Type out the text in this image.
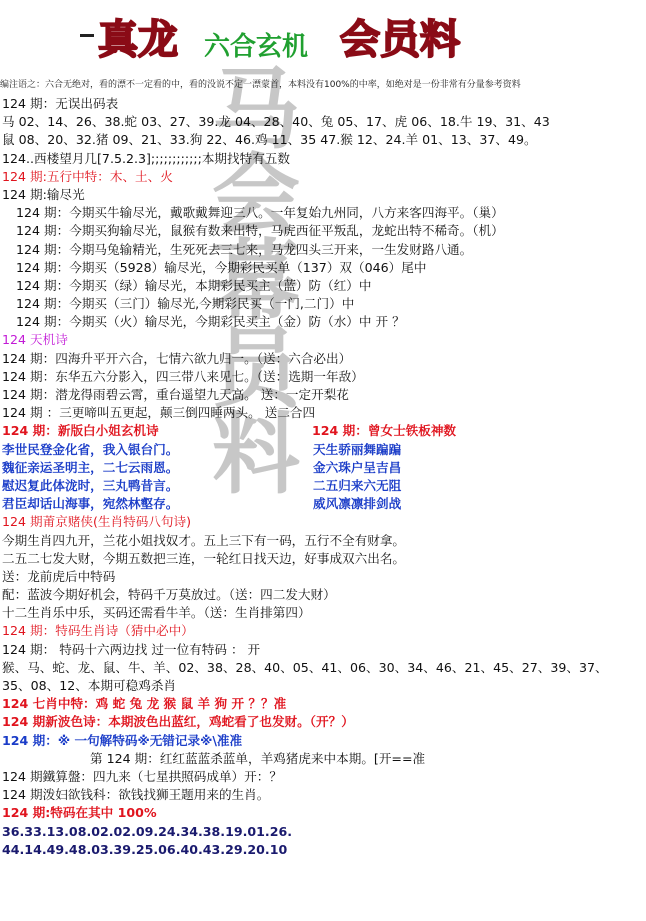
马
会
幕
员
料
真龙 六合玄机 会员料
编注语之：六合无绝对，看的漂不一定看的中，看的没说不定一漂蒙首，本料没有100%的中率，如绝对是一份非常有分量参考资料
124 期：无误出码表
马 02、14、26、38.蛇 03、27、39.龙 04、28、40、兔 05、17、虎 06、18.牛 19、31、43
鼠 08、20、32.猪 09、21、33.狗 22、46.鸡 11、35 47.猴 12、24.羊 01、13、37、49。
124..西楼望月几[7.5.2.3];;;;;;;;;;;;本期找特有五数
124 期:五行中特：木、土、火
124 期:输尽光
124 期：今期买牛输尽光，戴歌戴舞迎三八。一年复始九州同，八方来客四海平。（巢）
124 期：今期买狗输尽光，鼠猴有数来出特，马虎西征平叛乱，龙蛇出特不稀奇。（机）
124 期：今期马兔输精光，生死死去三七来，马龙四头三开来，一生发财路八通。
124 期：今期买（5928）输尽光，今期彩民买单（137）双（046）尾中
124 期：今期买（绿）输尽光，本期彩民买主（蓝）防（红）中
124 期：今期买（三门）输尽光,今期彩民买（一门,二门）中
124 期：今期买（火）输尽光，今期彩民买主（金）防（水）中 开 ？
124 天机诗
124 期：四海升平开六合，七情六欲九归一。（送：六合必出）
124 期：东华五六分影入，四三带八来见七。（送：选期一年敌）
124 期：潜龙得雨碧云霄，重台遥望九天高。 送：一定开梨花
124 期 ：三更啼叫五更起，颠三倒四睡两头。 送二合四
124 期：新版白小姐玄机诗	124 期：曾女士铁板神数
李世民登金化省，我入银台门。	天生骄丽舞蹁蹁
魏征亲运圣明主，二七云雨恩。	金六珠户呈吉昌
慰迟复此体泷时，三丸鸭昔言。	二五归来六无阻
君臣却话山海事，宛然林壑存。	威风凛凛排剑战
124 期莆京赌侠(生肖特码八句诗)
今期生肖四九开，兰花小姐找奴才。五上三下有一码，五行不全有财拿。
二五二七发大财，今期五数把三连，一轮红日找天边，好事成双六出名。
送：龙前虎后中特码
配：蓝波今期好机会，特码千万莫放过。（送：四二发大财）
十二生肖乐中乐，买码还需看牛羊。（送：生肖排第四）
124 期：特码生肖诗（猜中必中）
124 期： 特码十六两边找 过一位有特码 ： 开
猴、马、蛇、龙、鼠、牛、羊、02、38、28、40、05、41、06、30、34、46、21、45、27、39、37、
35、08、12、本期可稳鸡杀肖
124 七肖中特：鸡 蛇 兔 龙 猴 鼠 羊 狗 开 ？？准
124 期新波色诗：本期波色出蓝红，鸡蛇看了也发财。（开？）
124 期：※ 一句解特码※无错记录※\准准
第 124 期：红红蓝蓝杀蓝单，羊鸡猪虎来中本期。[开==准
124 期鐵算盤：四九来（七星拱照码成单）开：？
124 期泼妇欲钱科：欲钱找狮王题用来的生肖。
124 期:特码在其中 100%
36.33.13.08.02.02.09.24.34.38.19.01.26.
44.14.49.48.03.39.25.06.40.43.29.20.10
